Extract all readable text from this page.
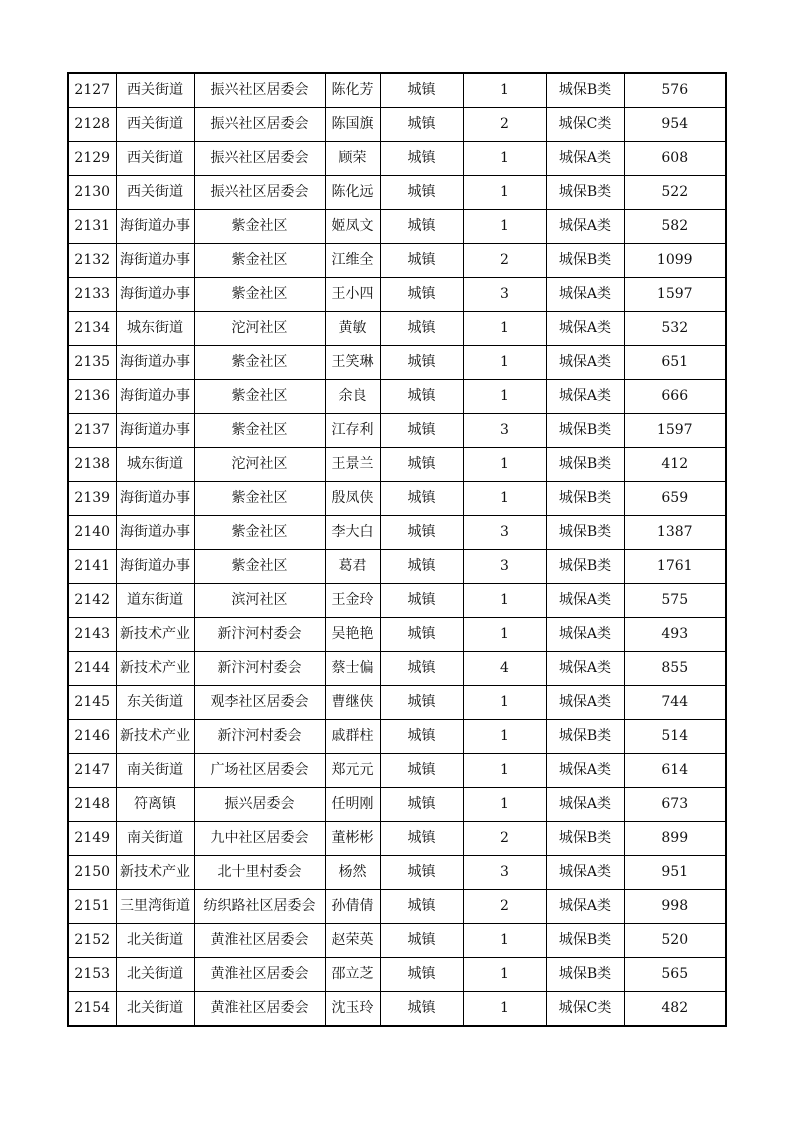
2127	西关街道	振兴社区居委会	陈化芳	城镇	1	城保B类	576
2128	西关街道	振兴社区居委会	陈国旗	城镇	2	城保C类	954
2129	西关街道	振兴社区居委会	顾荣	城镇	1	城保A类	608
2130	西关街道	振兴社区居委会	陈化远	城镇	1	城保B类	522
2131	海街道办事	紫金社区	姬凤文	城镇	1	城保A类	582
2132	海街道办事	紫金社区	江维全	城镇	2	城保B类	1099
2133	海街道办事	紫金社区	王小四	城镇	3	城保A类	1597
2134	城东街道	沱河社区	黄敏	城镇	1	城保A类	532
2135	海街道办事	紫金社区	王笑琳	城镇	1	城保A类	651
2136	海街道办事	紫金社区	余良	城镇	1	城保A类	666
2137	海街道办事	紫金社区	江存利	城镇	3	城保B类	1597
2138	城东街道	沱河社区	王景兰	城镇	1	城保B类	412
2139	海街道办事	紫金社区	殷凤侠	城镇	1	城保B类	659
2140	海街道办事	紫金社区	李大白	城镇	3	城保B类	1387
2141	海街道办事	紫金社区	葛君	城镇	3	城保B类	1761
2142	道东街道	滨河社区	王金玲	城镇	1	城保A类	575
2143	新技术产业	新汴河村委会	吴艳艳	城镇	1	城保A类	493
2144	新技术产业	新汴河村委会	蔡士偏	城镇	4	城保A类	855
2145	东关街道	观李社区居委会	曹继侠	城镇	1	城保A类	744
2146	新技术产业	新汴河村委会	戚群柱	城镇	1	城保B类	514
2147	南关街道	广场社区居委会	郑元元	城镇	1	城保A类	614
2148	符离镇	振兴居委会	任明刚	城镇	1	城保A类	673
2149	南关街道	九中社区居委会	董彬彬	城镇	2	城保B类	899
2150	新技术产业	北十里村委会	杨然	城镇	3	城保A类	951
2151	三里湾街道	纺织路社区居委会	孙倩倩	城镇	2	城保A类	998
2152	北关街道	黄淮社区居委会	赵荣英	城镇	1	城保B类	520
2153	北关街道	黄淮社区居委会	邵立芝	城镇	1	城保B类	565
2154	北关街道	黄淮社区居委会	沈玉玲	城镇	1	城保C类	482
